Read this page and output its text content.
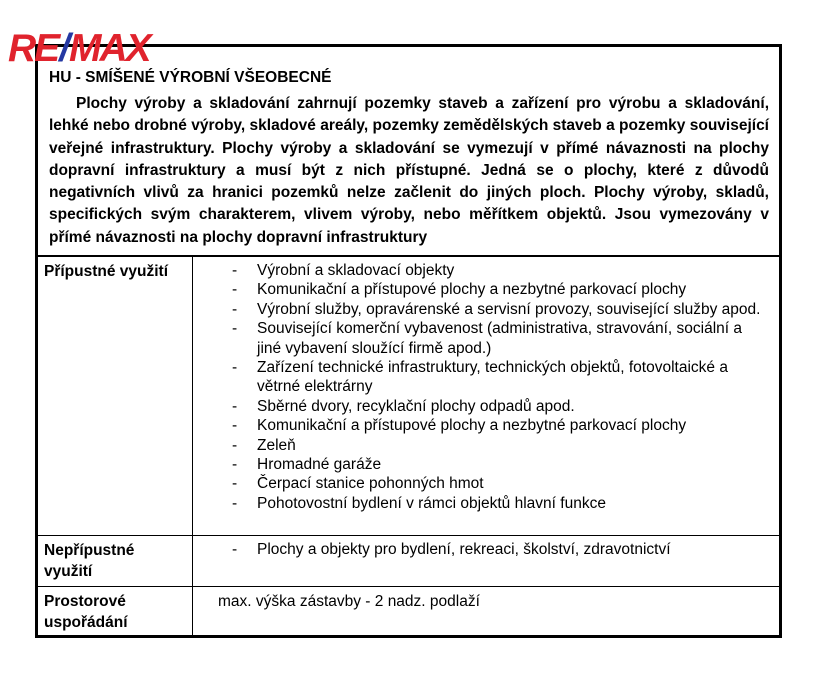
RE/MAX
HU - SMÍŠENÉ VÝROBNÍ VŠEOBECNÉ

Plochy výroby a skladování zahrnují pozemky staveb a zařízení pro výrobu a skladování, lehké nebo drobné výroby, skladové areály, pozemky zemědělských staveb a pozemky související veřejné infrastruktury. Plochy výroby a skladování se vymezují v přímé návaznosti na plochy dopravní infrastruktury a musí být z nich přístupné. Jedná se o plochy, které z důvodů negativních vlivů za hranici pozemků nelze začlenit do jiných ploch. Plochy výroby, skladů, specifických svým charakterem, vlivem výroby, nebo měřítkem objektů. Jsou vymezovány v přímé návaznosti na plochy dopravní infrastruktury

Přípustné využití	- Výrobní a skladovací objekty
- Komunikační a přístupové plochy a nezbytné parkovací plochy
- Výrobní služby, opravárenské a servisní provozy, související služby apod.
- Související komerční vybavenost (administrativa, stravování, sociální a jiné vybavení sloužící firmě apod.)
- Zařízení technické infrastruktury, technických objektů, fotovoltaické a větrné elektrárny
- Sběrné dvory, recyklační plochy odpadů apod.
- Komunikační a přístupové plochy a nezbytné parkovací plochy
- Zeleň
- Hromadné garáže
- Čerpací stanice pohonných hmot
- Pohotovostní bydlení v rámci objektů hlavní funkce
Nepřípustné využití
- Plochy a objekty pro bydlení, rekreaci, školství, zdravotnictví
Prostorové uspořádání
max. výška zástavby - 2 nadz. podlaží
